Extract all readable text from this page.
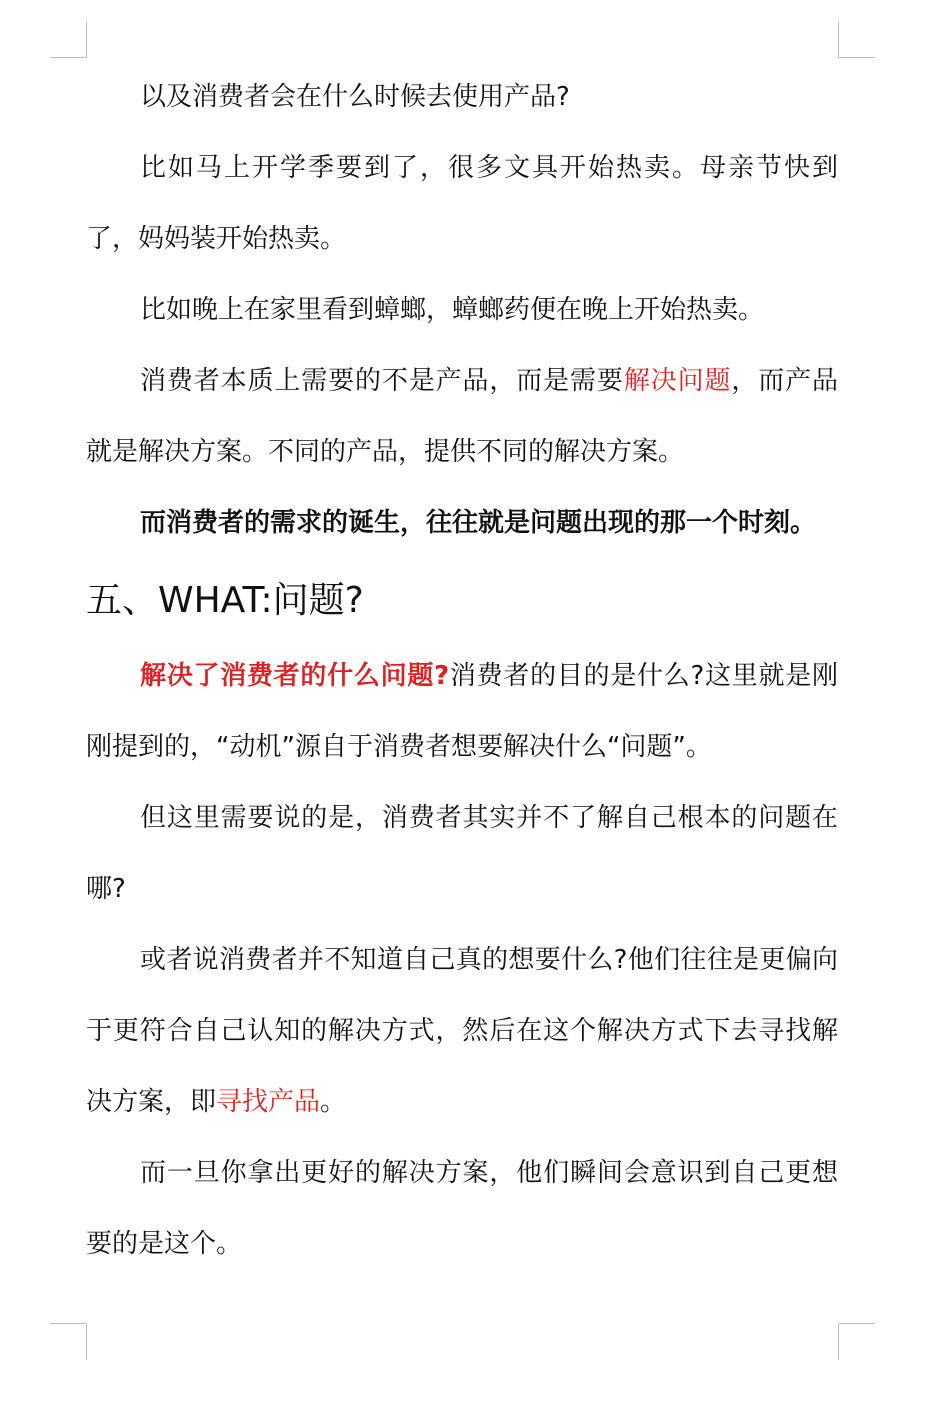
以及消费者会在什么时候去使用产品?

比如马上开学季要到了，很多文具开始热卖。母亲节快到了，妈妈装开始热卖。

比如晚上在家里看到蟑螂，蟑螂药便在晚上开始热卖。

消费者本质上需要的不是产品，而是需要解决问题，而产品就是解决方案。不同的产品，提供不同的解决方案。

而消费者的需求的诞生，往往就是问题出现的那一个时刻。

五、WHAT:问题?

解决了消费者的什么问题?消费者的目的是什么?这里就是刚刚提到的，“动机”源自于消费者想要解决什么“问题”。

但这里需要说的是，消费者其实并不了解自己根本的问题在哪?

或者说消费者并不知道自己真的想要什么?他们往往是更偏向于更符合自己认知的解决方式，然后在这个解决方式下去寻找解决方案，即寻找产品。

而一旦你拿出更好的解决方案，他们瞬间会意识到自己更想要的是这个。
